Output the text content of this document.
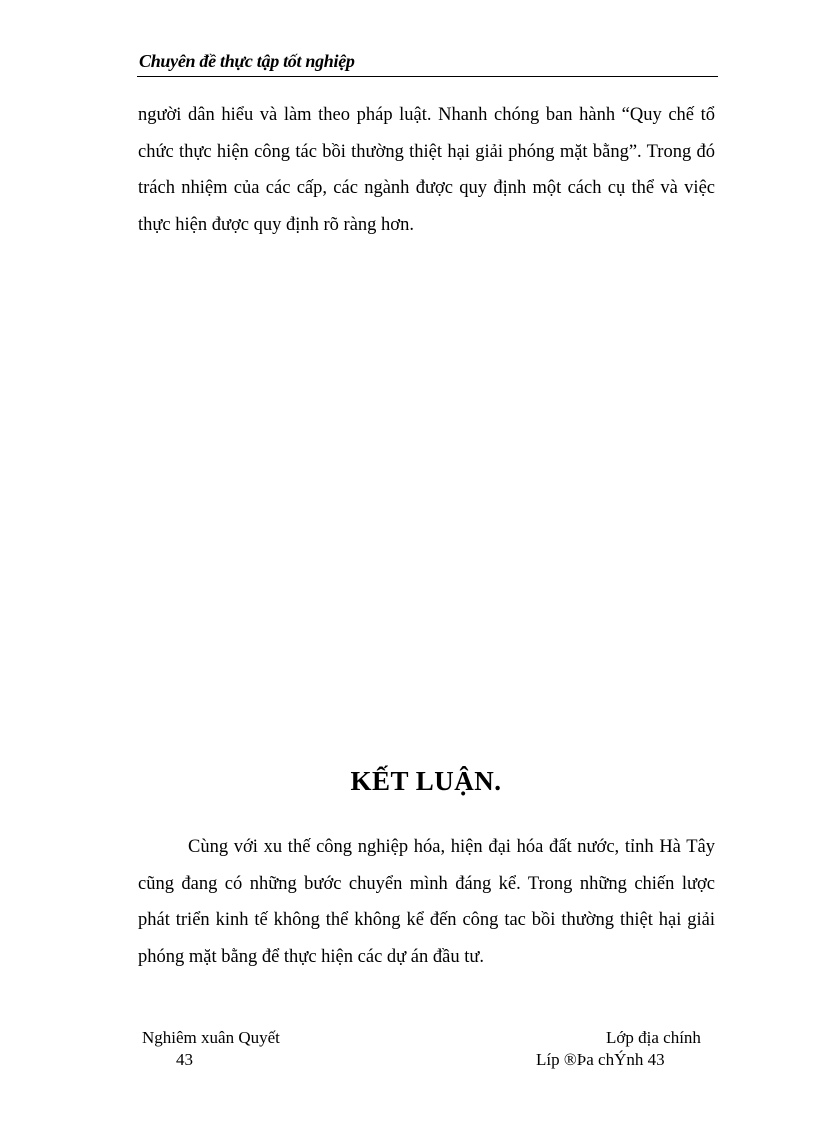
Chuyên đề thực tập tốt nghiệp

người dân hiểu và làm theo pháp luật. Nhanh chóng ban hành “Quy chế tổ chức thực hiện công tác bồi thường thiệt hại giải phóng mặt bằng”. Trong đó trách nhiệm của các cấp, các ngành được quy định một cách cụ thể và việc thực hiện được quy định rõ ràng hơn.

KẾT LUẬN.

Cùng với xu thế công nghiệp hóa, hiện đại hóa đất nước, tỉnh Hà Tây cũng đang có những bước chuyển mình đáng kể. Trong những chiến lược phát triển kinh tế không thể không kể đến công tac bồi thường thiệt hại giải phóng mặt bằng để thực hiện các dự án đầu tư.

Nghiêm xuân Quyết
43
Lớp địa chính
Líp ®Þa chÝnh 43
